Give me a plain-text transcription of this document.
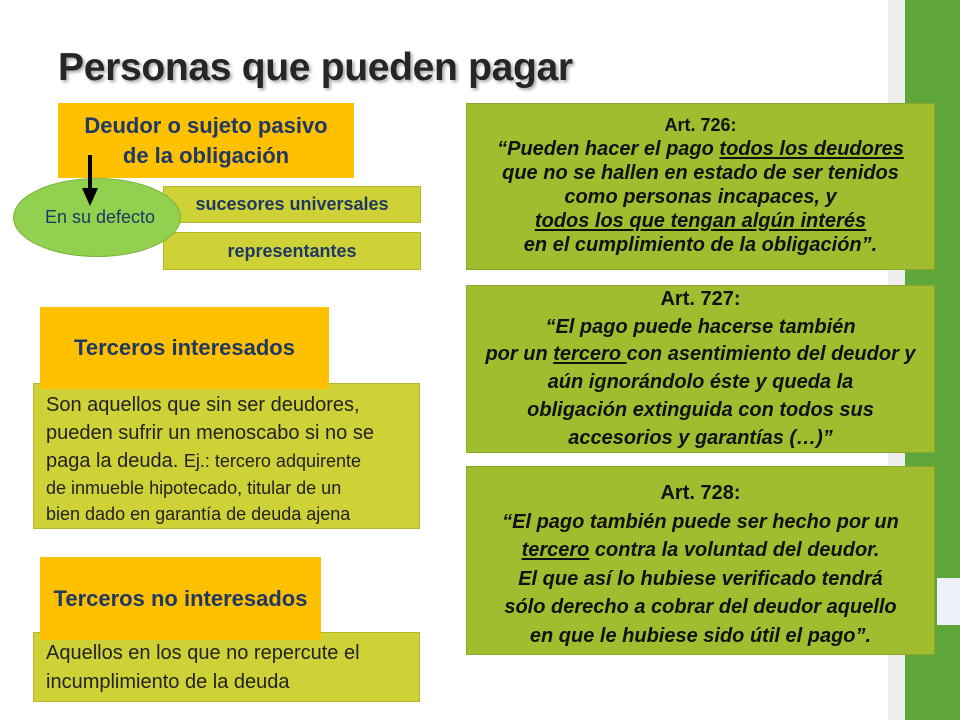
Personas que pueden pagar
Deudor o sujeto pasivo
de la obligación
sucesores universales
representantes
En su defecto
Son aquellos que sin ser deudores,
pueden sufrir un menoscabo si no se
paga la deuda. Ej.: tercero adquirente
de inmueble hipotecado, titular de un
bien dado en garantía de deuda ajena
Terceros interesados
Aquellos en los que no repercute el
incumplimiento de la deuda
Terceros no interesados
Art. 726:
“Pueden hacer el pago todos los deudores
que no se hallen en estado de ser tenidos
como personas incapaces, y
todos los que tengan algún interés
en el cumplimiento de la obligación”.
Art. 727:
“El pago puede hacerse también
por un tercero con asentimiento del deudor y
aún ignorándolo éste y queda la
obligación extinguida con todos sus
accesorios y garantías (…)”
Art. 728:
“El pago también puede ser hecho por un
tercero contra la voluntad del deudor.
El que así lo hubiese verificado tendrá
sólo derecho a cobrar del deudor aquello
en que le hubiese sido útil el pago”.
